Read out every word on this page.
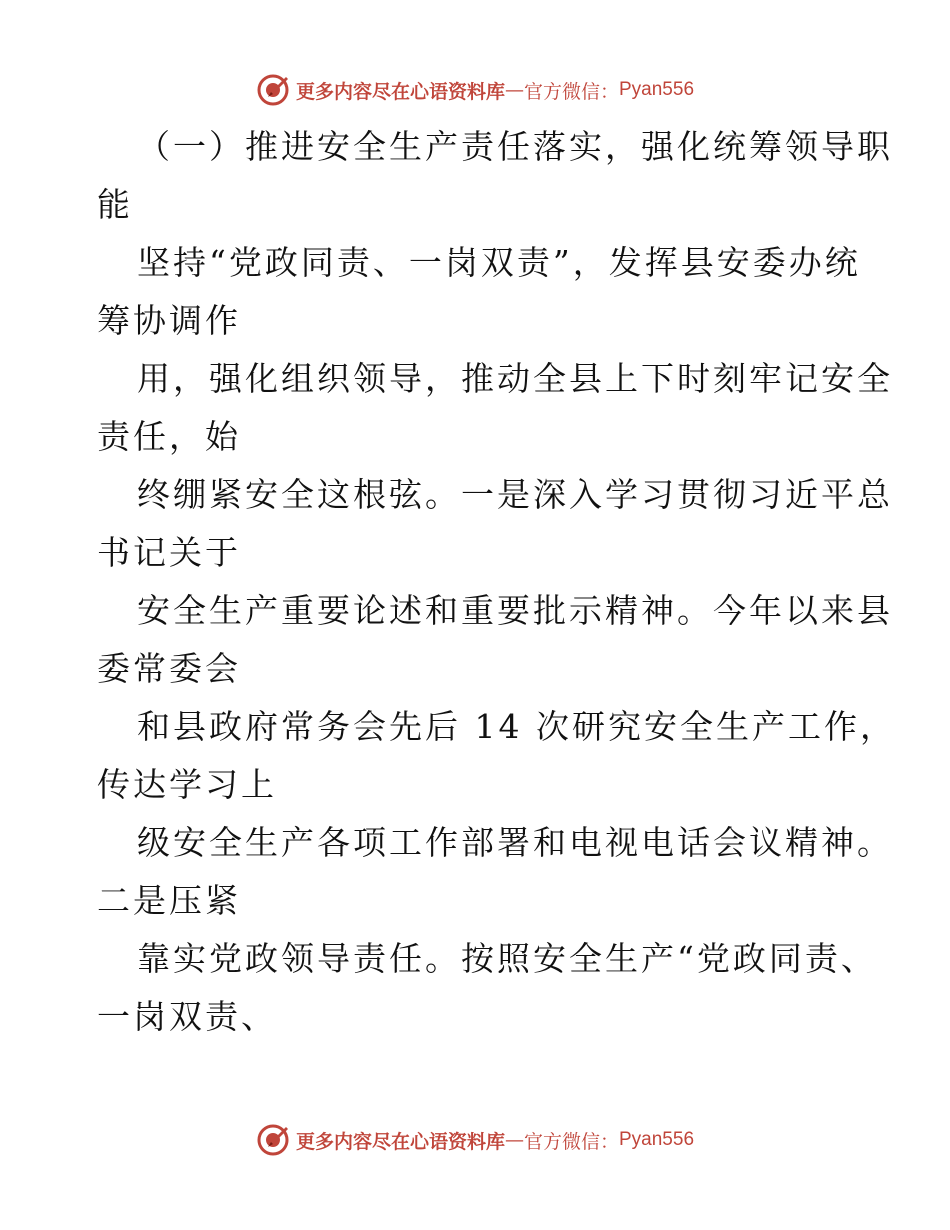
更多内容尽在心语资料库 — 官方微信： Pyan556
（一）推进安全生产责任落实，强化统筹领导职
能
坚持“党政同责、一岗双责”，发挥县安委办统
筹协调作
用，强化组织领导，推动全县上下时刻牢记安全
责任，始
终绷紧安全这根弦。一是深入学习贯彻习近平总
书记关于
安全生产重要论述和重要批示精神。今年以来县
委常委会
和县政府常务会先后 14 次研究安全生产工作，
传达学习上
级安全生产各项工作部署和电视电话会议精神。
二是压紧
靠实党政领导责任。按照安全生产“党政同责、
一岗双责、
更多内容尽在心语资料库 — 官方微信： Pyan556
